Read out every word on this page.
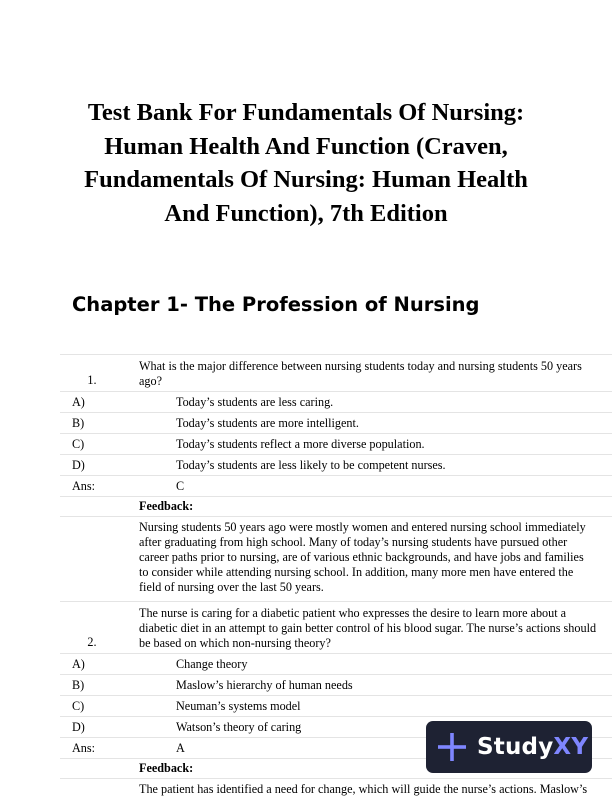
Test Bank For Fundamentals Of Nursing:
Human Health And Function (Craven,
Fundamentals Of Nursing: Human Health
And Function), 7th Edition
Chapter 1- The Profession of Nursing
1.
What is the major difference between nursing students today and nursing students 50 years
ago?
A)	Today’s students are less caring.
B)	Today’s students are more intelligent.
C)	Today’s students reflect a more diverse population.
D)	Today’s students are less likely to be competent nurses.
Ans:	C
Feedback:
Nursing students 50 years ago were mostly women and entered nursing school immediately
after graduating from high school. Many of today’s nursing students have pursued other
career paths prior to nursing, are of various ethnic backgrounds, and have jobs and families
to consider while attending nursing school. In addition, many more men have entered the
field of nursing over the last 50 years.
2.
The nurse is caring for a diabetic patient who expresses the desire to learn more about a
diabetic diet in an attempt to gain better control of his blood sugar. The nurse’s actions should
be based on which non-nursing theory?
A)	Change theory
B)	Maslow’s hierarchy of human needs
C)	Neuman’s systems model
D)	Watson’s theory of caring
Ans:	A
Feedback:
The patient has identified a need for change, which will guide the nurse’s actions. Maslow’s
StudyXY
